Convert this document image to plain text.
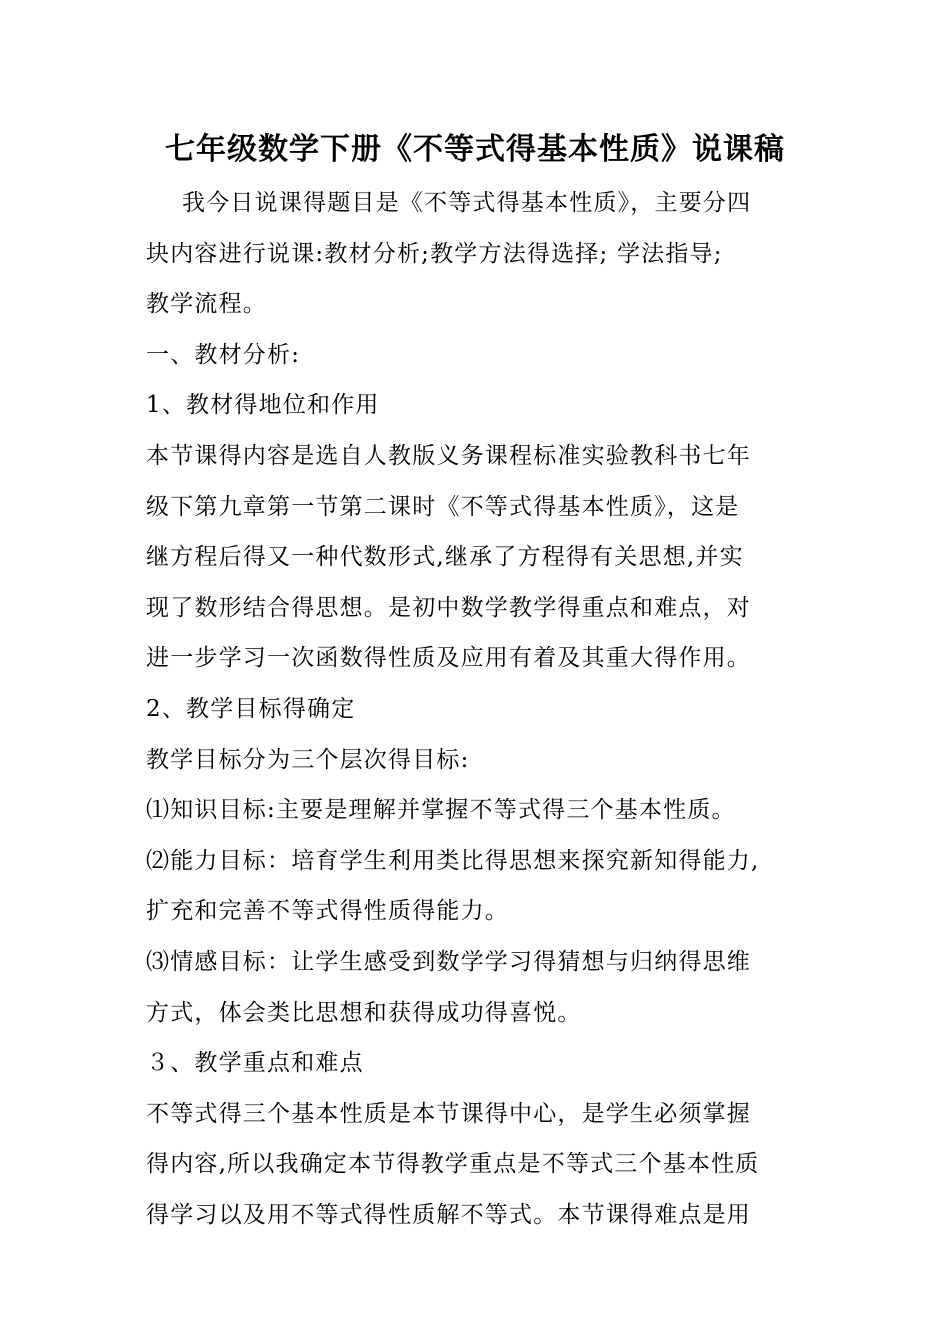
七年级数学下册《不等式得基本性质》说课稿
我今日说课得题目是《不等式得基本性质》，主要分四
块内容进行说课:教材分析;教学方法得选择; 学法指导;
教学流程。
一、教材分析:
1、教材得地位和作用
本节课得内容是选自人教版义务课程标准实验教科书七年
级下第九章第一节第二课时《不等式得基本性质》，这是
继方程后得又一种代数形式,继承了方程得有关思想,并实
现了数形结合得思想。是初中数学教学得重点和难点，对
进一步学习一次函数得性质及应用有着及其重大得作用。
2、教学目标得确定
教学目标分为三个层次得目标:
⑴知识目标:主要是理解并掌握不等式得三个基本性质。
⑵能力目标：培育学生利用类比得思想来探究新知得能力,
扩充和完善不等式得性质得能力。
⑶情感目标：让学生感受到数学学习得猜想与归纳得思维
方式，体会类比思想和获得成功得喜悦。
３、教学重点和难点
不等式得三个基本性质是本节课得中心，是学生必须掌握
得内容,所以我确定本节得教学重点是不等式三个基本性质
得学习以及用不等式得性质解不等式。本节课得难点是用
